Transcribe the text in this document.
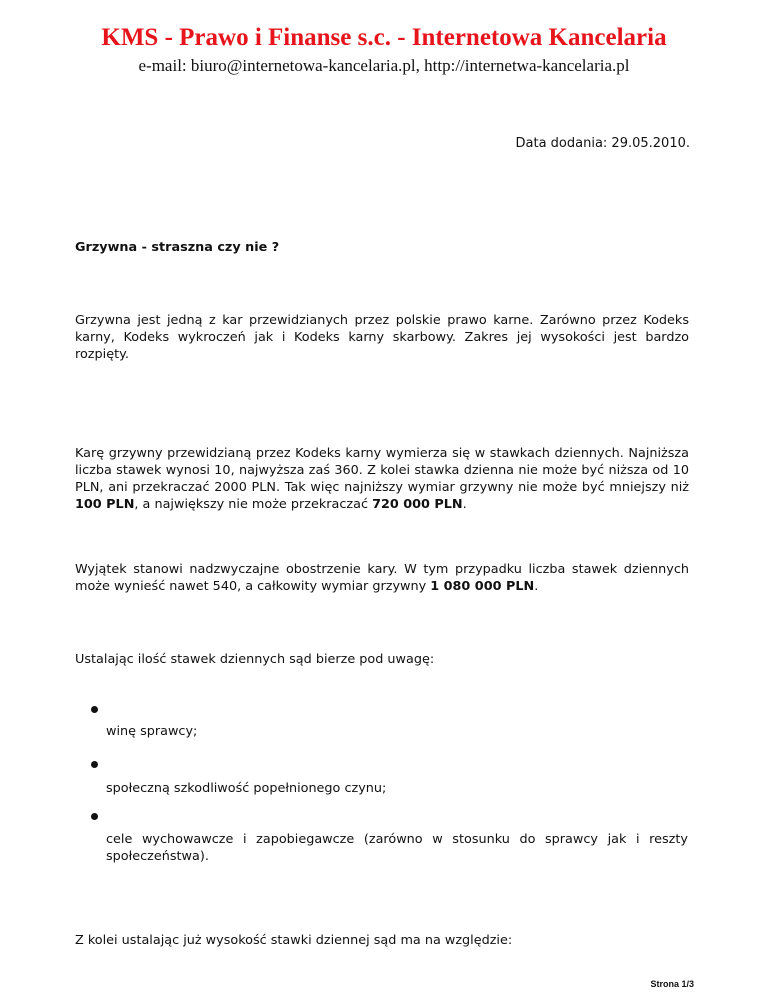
KMS - Prawo i Finanse s.c. - Internetowa Kancelaria
e-mail: biuro@internetowa-kancelaria.pl, http://internetwa-kancelaria.pl
Data dodania: 29.05.2010.
Grzywna - straszna czy nie ?
Grzywna jest jedną z kar przewidzianych przez polskie prawo karne. Zarówno przez Kodeks karny, Kodeks wykroczeń jak i Kodeks karny skarbowy. Zakres jej wysokości jest bardzo rozpięty.
Karę grzywny przewidzianą przez Kodeks karny wymierza się w stawkach dziennych. Najniższa liczba stawek wynosi 10, najwyższa zaś 360. Z kolei stawka dzienna nie może być niższa od 10 PLN, ani przekraczać 2000 PLN. Tak więc najniższy wymiar grzywny nie może być mniejszy niż 100 PLN, a największy nie może przekraczać 720 000 PLN.
Wyjątek stanowi nadzwyczajne obostrzenie kary. W tym przypadku liczba stawek dziennych może wynieść nawet 540, a całkowity wymiar grzywny 1 080 000 PLN.
Ustalając ilość stawek dziennych sąd bierze pod uwagę:
winę sprawcy;
społeczną szkodliwość popełnionego czynu;
cele wychowawcze i zapobiegawcze (zarówno w stosunku do sprawcy jak i reszty społeczeństwa).
Z kolei ustalając już wysokość stawki dziennej sąd ma na względzie:
Strona 1/3
